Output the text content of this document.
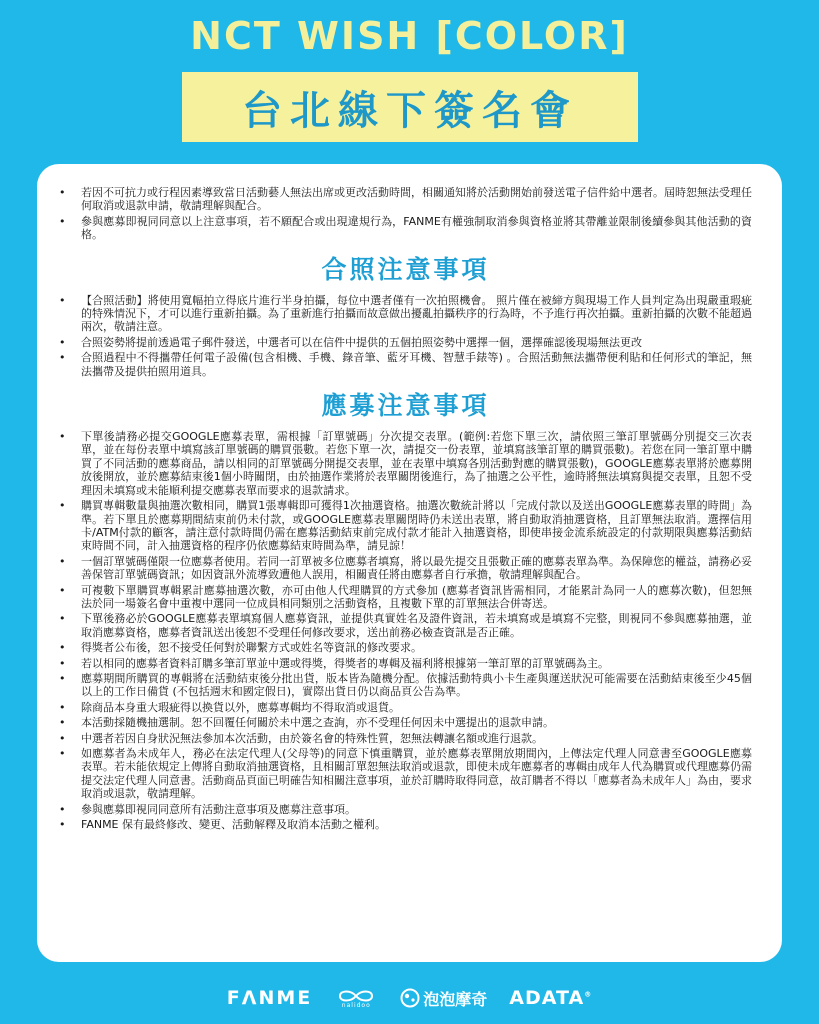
NCT WISH [COLOR]
台北線下簽名會
• 若因不可抗力或行程因素導致當日活動藝人無法出席或更改活動時間，相關通知將於活動開始前發送電子信件給中選者。屆時恕無法受理任何取消或退款申請，敬請理解與配合。
• 參與應募即視同同意以上注意事項，若不願配合或出現違規行為，FANME有權強制取消參與資格並將其帶離並限制後續參與其他活動的資格。
合照注意事項
• 【合照活動】將使用寬幅拍立得底片進行半身拍攝，每位中選者僅有一次拍照機會。 照片僅在被締方與現場工作人員判定為出現嚴重瑕疵的特殊情況下，才可以進行重新拍攝。為了重新進行拍攝而故意做出擾亂拍攝秩序的行為時，不予進行再次拍攝。重新拍攝的次數不能超過兩次，敬請注意。
• 合照姿勢將提前透過電子郵件發送，中選者可以在信件中提供的五個拍照姿勢中選擇一個，選擇確認後現場無法更改
• 合照過程中不得攜帶任何電子設備(包含相機、手機、錄音筆、藍牙耳機、智慧手錶等) 。合照活動無法攜帶便利貼和任何形式的筆記，無法攜帶及提供拍照用道具。
應募注意事項
• 下單後請務必提交GOOGLE應募表單，需根據「訂單號碼」分次提交表單。(範例:若您下單三次，請依照三筆訂單號碼分別提交三次表單，並在每份表單中填寫該訂單號碼的購買張數。若您下單一次，請提交一份表單，並填寫該筆訂單的購買張數)。若您在同一筆訂單中購買了不同活動的應募商品，請以相同的訂單號碼分開提交表單，並在表單中填寫各別活動對應的購買張數)，GOOGLE應募表單將於應募開放後開放，並於應募結束後1個小時關閉，由於抽選作業將於表單關閉後進行，為了抽選之公平性，逾時將無法填寫與提交表單，且恕不受理因未填寫或未能順利提交應募表單而要求的退款請求。
• 購買專輯數量與抽選次數相同，購買1張專輯即可獲得1次抽選資格。抽選次數統計將以「完成付款以及送出GOOGLE應募表單的時間」為準。若下單且於應募期間結束前仍未付款，或GOOGLE應募表單關閉時仍未送出表單，將自動取消抽選資格，且訂單無法取消。選擇信用卡/ATM付款的顧客，請注意付款時間仍需在應募活動結束前完成付款才能計入抽選資格，即使串接金流系統設定的付款期限與應募活動結束時間不同，計入抽選資格的程序仍依應募結束時間為準，請見諒！
• 一個訂單號碼僅限一位應募者使用。若同一訂單被多位應募者填寫，將以最先提交且張數正確的應募表單為準。為保障您的權益，請務必妥善保管訂單號碼資訊；如因資訊外流導致遭他人誤用，相關責任將由應募者自行承擔，敬請理解與配合。
• 可複數下單購買專輯累計應募抽選次數，亦可由他人代理購買的方式參加 (應募者資訊皆需相同，才能累計為同一人的應募次數)，但恕無法於同一場簽名會中重複中選同一位成員相同類別之活動資格，且複數下單的訂單無法合併寄送。
• 下單後務必於GOOGLE應募表單填寫個人應募資訊，並提供真實姓名及證件資訊，若未填寫或是填寫不完整，則視同不參與應募抽選，並取消應募資格，應募者資訊送出後恕不受理任何修改要求，送出前務必檢查資訊是否正確。
• 得獎者公布後，恕不接受任何對於聯繫方式或姓名等資訊的修改要求。
• 若以相同的應募者資料訂購多筆訂單並中選或得獎，得獎者的專輯及福利將根據第一筆訂單的訂單號碼為主。
• 應募期間所購買的專輯將在活動結束後分批出貨，版本皆為隨機分配。依據活動特典小卡生產與運送狀況可能需要在活動結束後至少45個以上的工作日備貨 (不包括週末和國定假日)，實際出貨日仍以商品頁公告為準。
• 除商品本身重大瑕疵得以換貨以外，應募專輯均不得取消或退貨。
• 本活動採隨機抽選制。恕不回覆任何關於未中選之查詢，亦不受理任何因未中選提出的退款申請。
• 中選者若因自身狀況無法參加本次活動，由於簽名會的特殊性質，恕無法轉讓名額或進行退款。
• 如應募者為未成年人，務必在法定代理人(父母等)的同意下慎重購買，並於應募表單開放期間內，上傳法定代理人同意書至GOOGLE應募表單。若未能依規定上傳將自動取消抽選資格，且相關訂單恕無法取消或退款，即使未成年應募者的專輯由成年人代為購買或代理應募仍需提交法定代理人同意書。活動商品頁面已明確告知相關注意事項，並於訂購時取得同意，故訂購者不得以「應募者為未成年人」為由，要求取消或退款，敬請理解。
• 參與應募即視同同意所有活動注意事項及應募注意事項。
• FANME 保有最終修改、變更、活動解釋及取消本活動之權利。
FΛNME	nalidoo	泡泡摩奇 ADATA®
